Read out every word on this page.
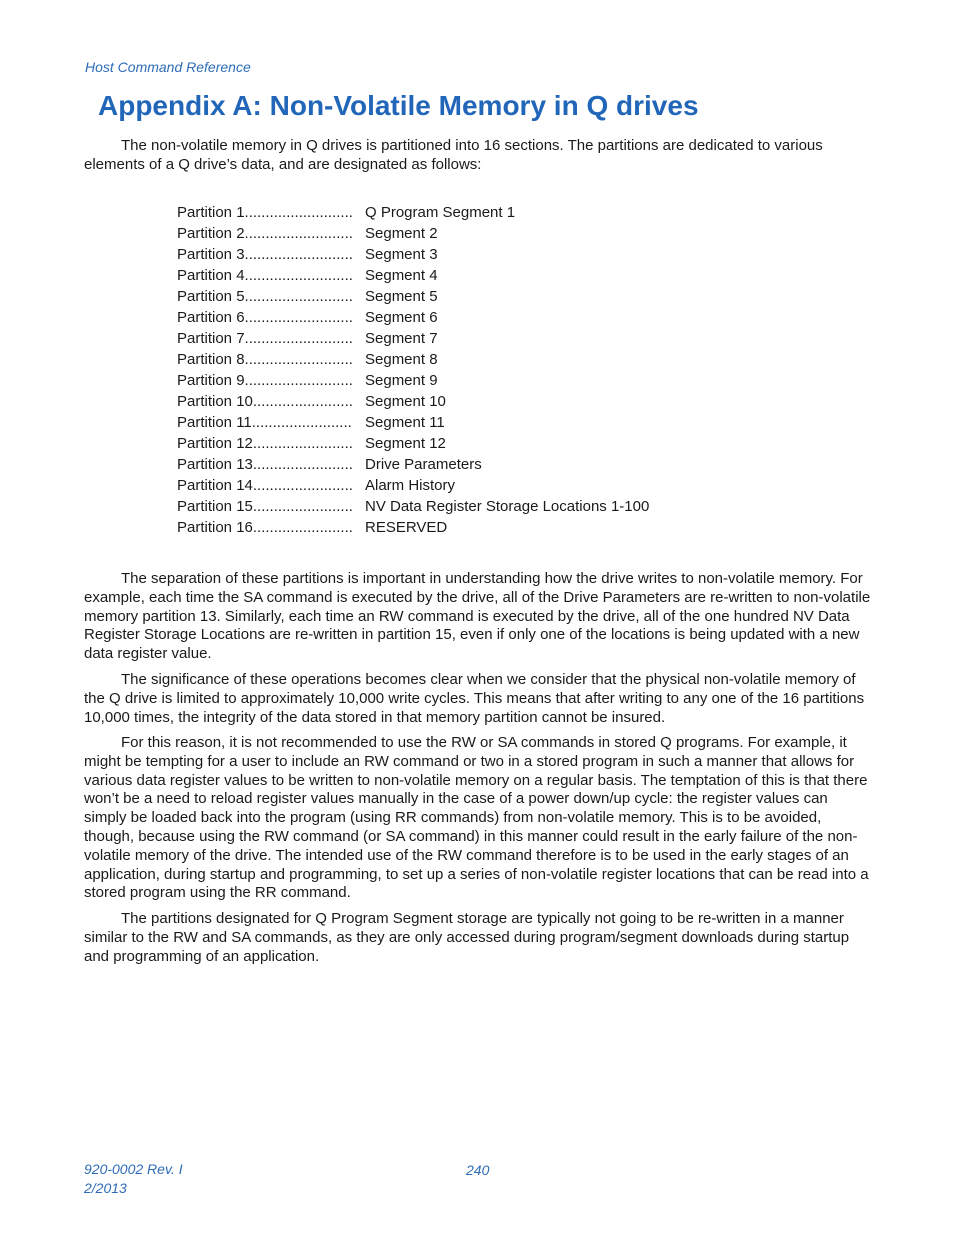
Host Command Reference
Appendix A: Non-Volatile Memory in Q drives

The non-volatile memory in Q drives is partitioned into 16 sections. The partitions are dedicated to various elements of a Q drive’s data, and are designated as follows:

Partition 1 .......................... Q Program Segment 1
Partition 2 .......................... Segment 2
Partition 3 .......................... Segment 3
Partition 4 .......................... Segment 4
Partition 5 .......................... Segment 5
Partition 6 .......................... Segment 6
Partition 7 .......................... Segment 7
Partition 8 .......................... Segment 8
Partition 9 .......................... Segment 9
Partition 10 ........................ Segment 10
Partition 11 ........................ Segment 11
Partition 12 ........................ Segment 12
Partition 13 ........................ Drive Parameters
Partition 14 ........................ Alarm History
Partition 15 ........................ NV Data Register Storage Locations 1-100
Partition 16 ........................ RESERVED

The separation of these partitions is important in understanding how the drive writes to non-volatile memory. For example, each time the SA command is executed by the drive, all of the Drive Parameters are re-written to non-volatile memory partition 13. Similarly, each time an RW command is executed by the drive, all of the one hundred NV Data Register Storage Locations are re-written in partition 15, even if only one of the locations is being updated with a new data register value.

The significance of these operations becomes clear when we consider that the physical non-volatile memory of the Q drive is limited to approximately 10,000 write cycles. This means that after writing to any one of the 16 partitions 10,000 times, the integrity of the data stored in that memory partition cannot be insured.

For this reason, it is not recommended to use the RW or SA commands in stored Q programs. For example, it might be tempting for a user to include an RW command or two in a stored program in such a manner that allows for various data register values to be written to non-volatile memory on a regular basis. The temptation of this is that there won’t be a need to reload register values manually in the case of a power down/up cycle: the register values can simply be loaded back into the program (using RR commands) from non-volatile memory. This is to be avoided, though, because using the RW command (or SA command) in this manner could result in the early failure of the non-volatile memory of the drive. The intended use of the RW command therefore is to be used in the early stages of an application, during startup and programming, to set up a series of non-volatile register locations that can be read into a stored program using the RR command.

The partitions designated for Q Program Segment storage are typically not going to be re-written in a manner similar to the RW and SA commands, as they are only accessed during program/segment downloads during startup and programming of an application.

920-0002 Rev. I
2/2013
240
